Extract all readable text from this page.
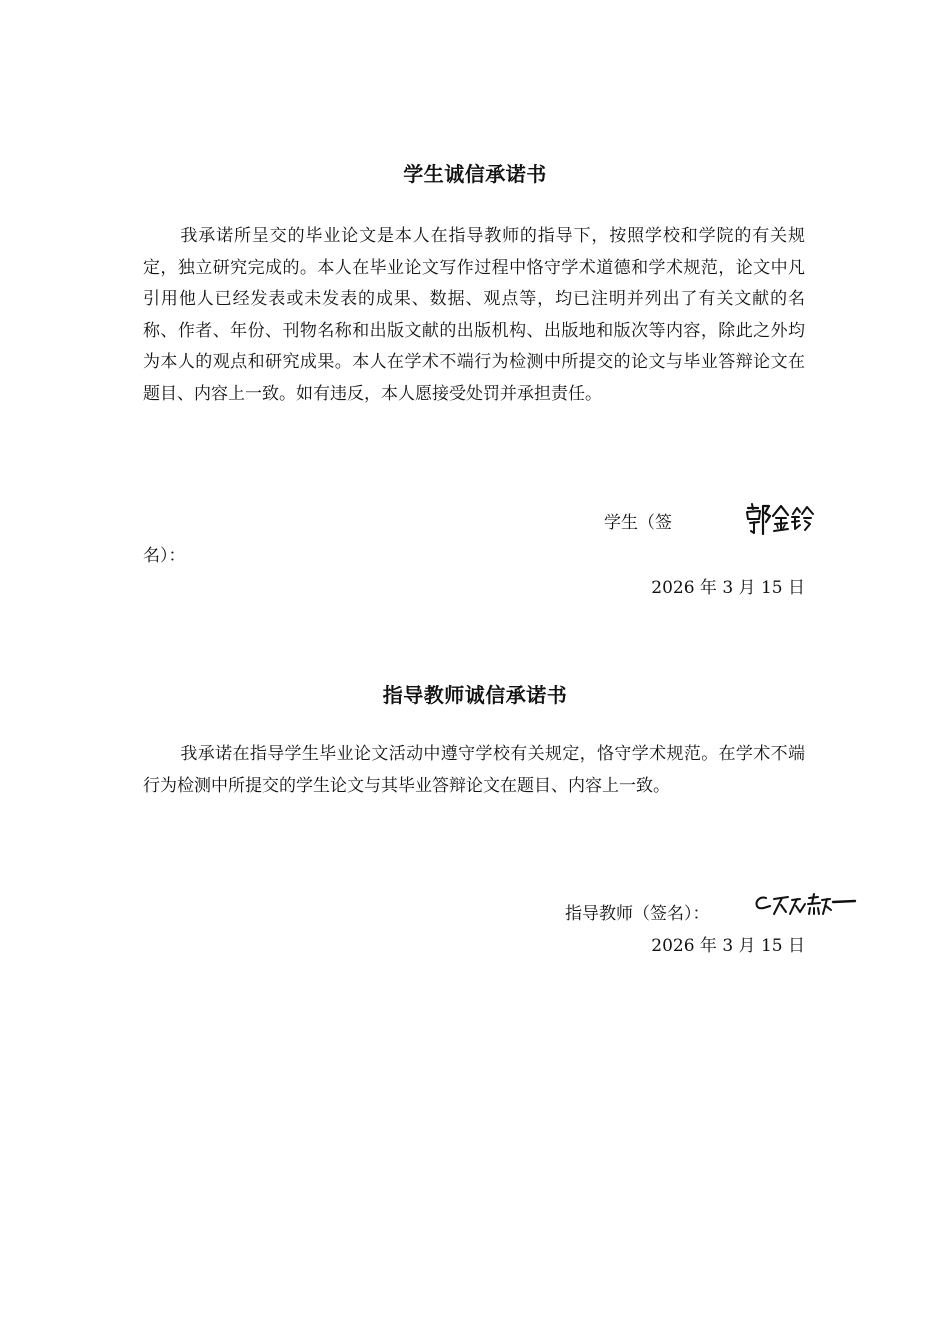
学生诚信承诺书
我承诺所呈交的毕业论文是本人在指导教师的指导下，按照学校和学院的有关规定，独立研究完成的。本人在毕业论文写作过程中恪守学术道德和学术规范，论文中凡引用他人已经发表或未发表的成果、数据、观点等，均已注明并列出了有关文献的名称、作者、年份、刊物名称和出版文献的出版机构、出版地和版次等内容，除此之外均为本人的观点和研究成果。本人在学术不端行为检测中所提交的论文与毕业答辩论文在题目、内容上一致。如有违反，本人愿接受处罚并承担责任。
学生（签
名）：
2026 年 3 月 15 日
指导教师诚信承诺书
我承诺在指导学生毕业论文活动中遵守学校有关规定，恪守学术规范。在学术不端行为检测中所提交的学生论文与其毕业答辩论文在题目、内容上一致。
指导教师（签名）：
2026 年 3 月 15 日
